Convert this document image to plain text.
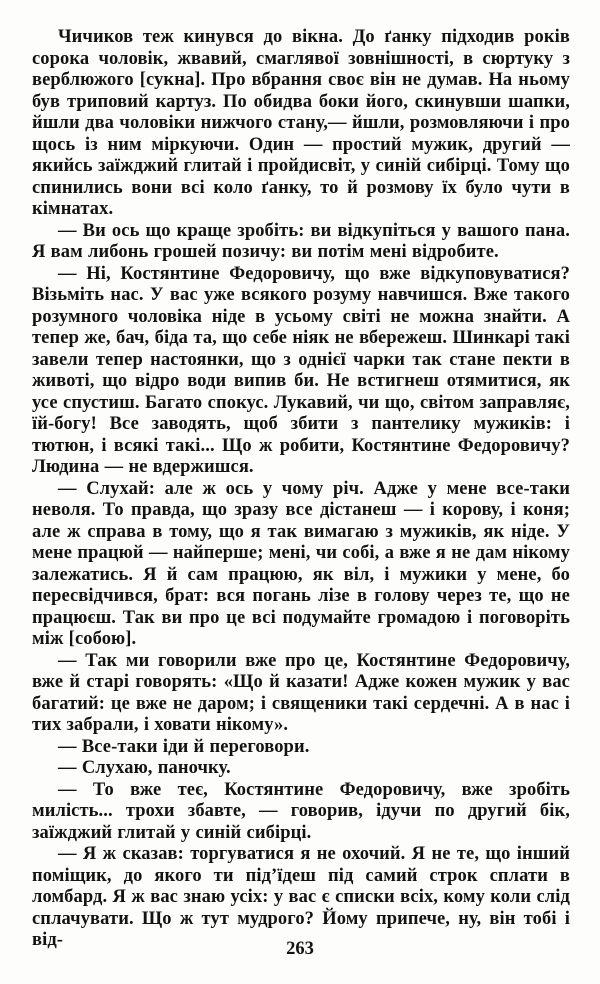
Чичиков теж кинувся до вікна. До ґанку підходив років сорока чоловік, жвавий, смаглявої зовнішності, в сюртуку з верблюжого [сукна]. Про вбрання своє він не думав. На ньому був триповий картуз. По обидва боки його, скинувши шапки, йшли два чоловіки нижчого стану,— йшли, розмовляючи і про щось із ним міркуючи. Один — простий мужик, другий — якийсь заїжджий глитай і пройдисвіт, у синій сибірці. Тому що спинились вони всі коло ґанку, то й розмову їх було чути в кімнатах.

— Ви ось що краще зробіть: ви відкупіться у вашого пана. Я вам либонь грошей позичу: ви потім мені відробите.

— Ні, Костянтине Федоровичу, що вже відкуповуватися? Візьміть нас. У вас уже всякого розуму навчишся. Вже такого розумного чоловіка ніде в усьому світі не можна знайти. А тепер же, бач, біда та, що себе ніяк не вбережеш. Шинкарі такі завели тепер настоянки, що з однієї чарки так стане пекти в животі, що відро води випив би. Не встигнеш отямитися, як усе спустиш. Багато спокус. Лукавий, чи що, світом заправляє, їй-богу! Все заводять, щоб збити з пантелику мужиків: і тютюн, і всякі такі... Що ж робити, Костянтине Федоровичу? Людина — не вдержишся.

— Слухай: але ж ось у чому річ. Адже у мене все-таки неволя. То правда, що зразу все дістанеш — і корову, і коня; але ж справа в тому, що я так вимагаю з мужиків, як ніде. У мене працюй — найперше; мені, чи собі, а вже я не дам нікому залежатись. Я й сам працюю, як віл, і мужики у мене, бо пересвідчився, брат: вся погань лізе в голову через те, що не працюєш. Так ви про це всі подумайте громадою і поговоріть між [собою].

— Так ми говорили вже про це, Костянтине Федоровичу, вже й старі говорять: «Що й казати! Адже кожен мужик у вас багатий: це вже не даром; і священики такі сердечні. А в нас і тих забрали, і ховати нікому».

— Все-таки іди й переговори.

— Слухаю, паночку.

— То вже теє, Костянтине Федоровичу, вже зробіть милість... трохи збавте, — говорив, ідучи по другий бік, заїжджий глитай у синій сибірці.

— Я ж сказав: торгуватися я не охочий. Я не те, що інший поміщик, до якого ти під’їдеш під самий строк сплати в ломбард. Я ж вас знаю усіх: у вас є списки всіх, кому коли слід сплачувати. Що ж тут мудрого? Йому припече, ну, він тобі і від-	263
